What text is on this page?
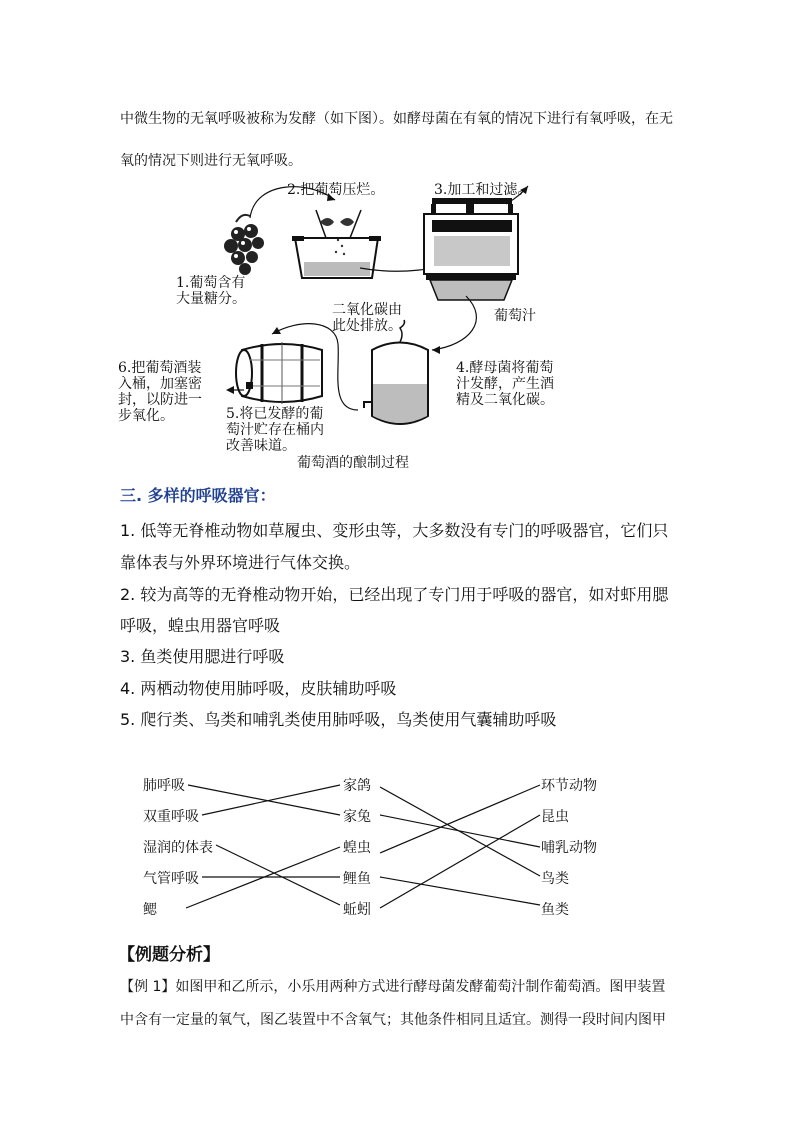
中微生物的无氧呼吸被称为发酵（如下图）。如酵母菌在有氧的情况下进行有氧呼吸，在无
氧的情况下则进行无氧呼吸。
1.葡萄含有
大量糖分。
2.把葡萄压烂。	3.加工和过滤。
葡萄汁
二氧化碳由
此处排放。
4.酵母菌将葡萄
汁发酵，产生酒
精及二氧化碳。
5.将已发酵的葡
萄汁贮存在桶内
改善味道。
6.把葡萄酒装
入桶，加塞密
封，以防进一
步氧化。
葡萄酒的酿制过程
三. 多样的呼吸器官：
1. 低等无脊椎动物如草履虫、变形虫等，大多数没有专门的呼吸器官，它们只
靠体表与外界环境进行气体交换。
2. 较为高等的无脊椎动物开始，已经出现了专门用于呼吸的器官，如对虾用腮
呼吸，蝗虫用器官呼吸
3. 鱼类使用腮进行呼吸
4. 两栖动物使用肺呼吸，皮肤辅助呼吸
5. 爬行类、鸟类和哺乳类使用肺呼吸，鸟类使用气囊辅助呼吸
肺呼吸
双重呼吸
湿润的体表
气管呼吸
鳃
家鸽
家兔
蝗虫
鲤鱼
蚯蚓
环节动物
昆虫
哺乳动物
鸟类
鱼类
【例题分析】
【例 1】如图甲和乙所示，小乐用两种方式进行酵母菌发酵葡萄汁制作葡萄酒。图甲装置
中含有一定量的氧气，图乙装置中不含氧气；其他条件相同且适宜。测得一段时间内图甲
